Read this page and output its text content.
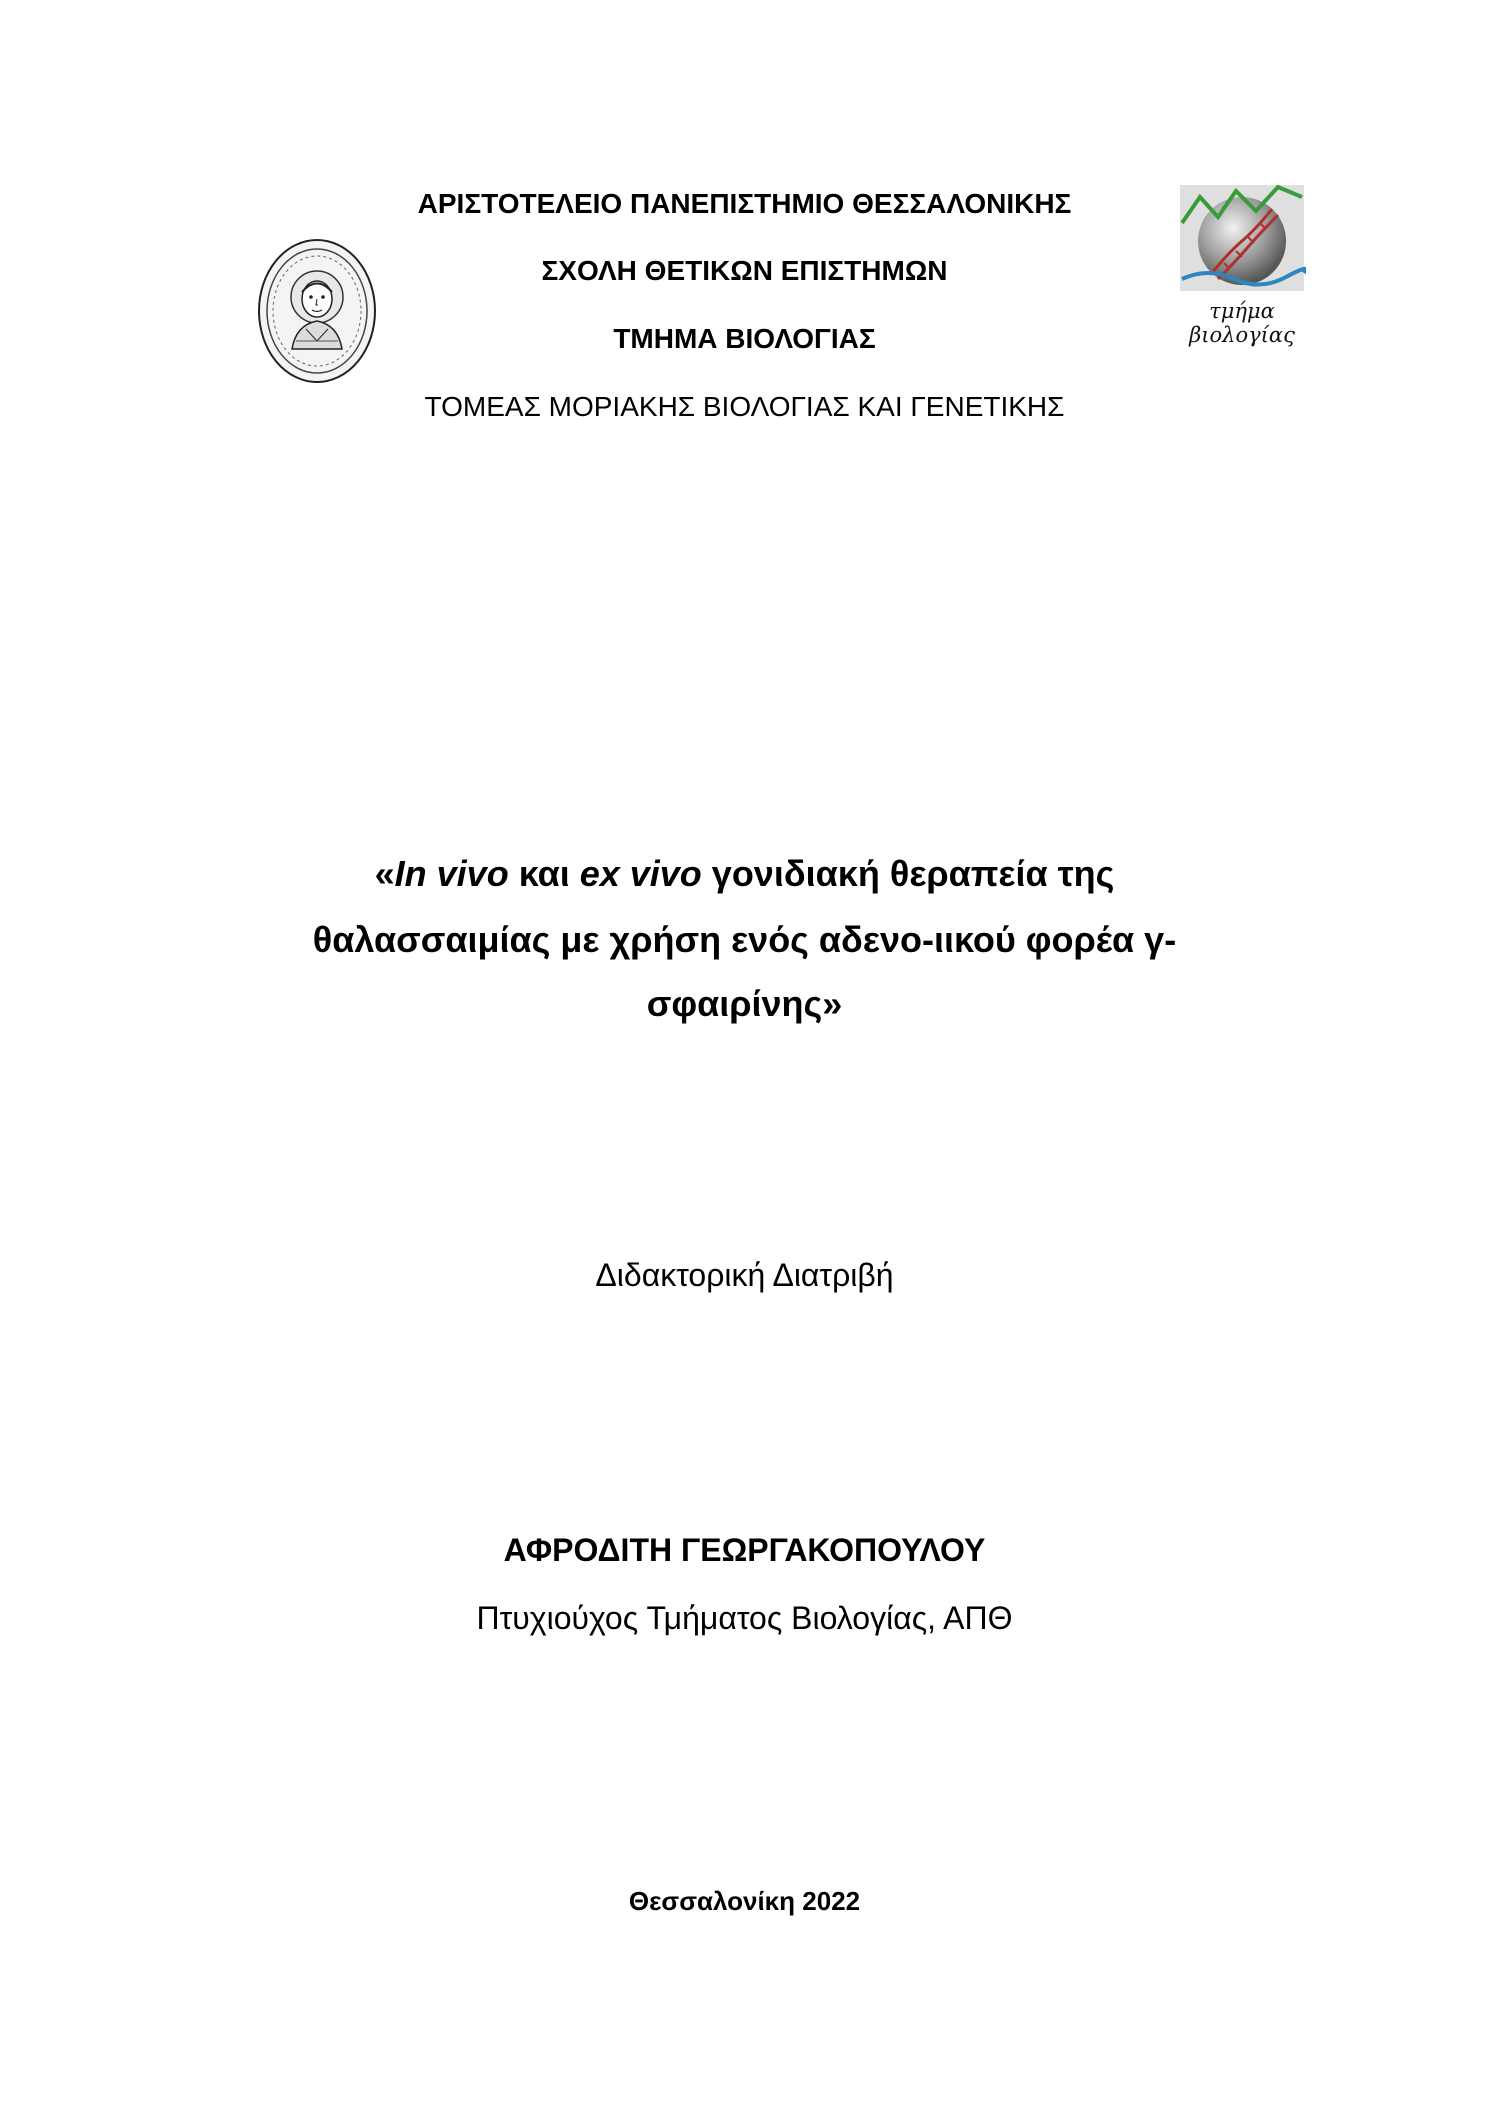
τμήμα βιολογίας
ΑΡΙΣΤΟΤΕΛΕΙΟ ΠΑΝΕΠΙΣΤΗΜΙΟ ΘΕΣΣΑΛΟΝΙΚΗΣ
ΣΧΟΛΗ ΘΕΤΙΚΩΝ ΕΠΙΣΤΗΜΩΝ
ΤΜΗΜΑ ΒΙΟΛΟΓΙΑΣ
ΤΟΜΕΑΣ ΜΟΡΙΑΚΗΣ ΒΙΟΛΟΓΙΑΣ ΚΑΙ ΓΕΝΕΤΙΚΗΣ
«In vivo και ex vivo γονιδιακή θεραπεία της
θαλασσαιμίας με χρήση ενός αδενο-ιικού φορέα γ-
σφαιρίνης»
Διδακτορική Διατριβή
ΑΦΡΟΔΙΤΗ ΓΕΩΡΓΑΚΟΠΟΥΛΟΥ
Πτυχιούχος Τμήματος Βιολογίας, ΑΠΘ
Θεσσαλονίκη 2022
